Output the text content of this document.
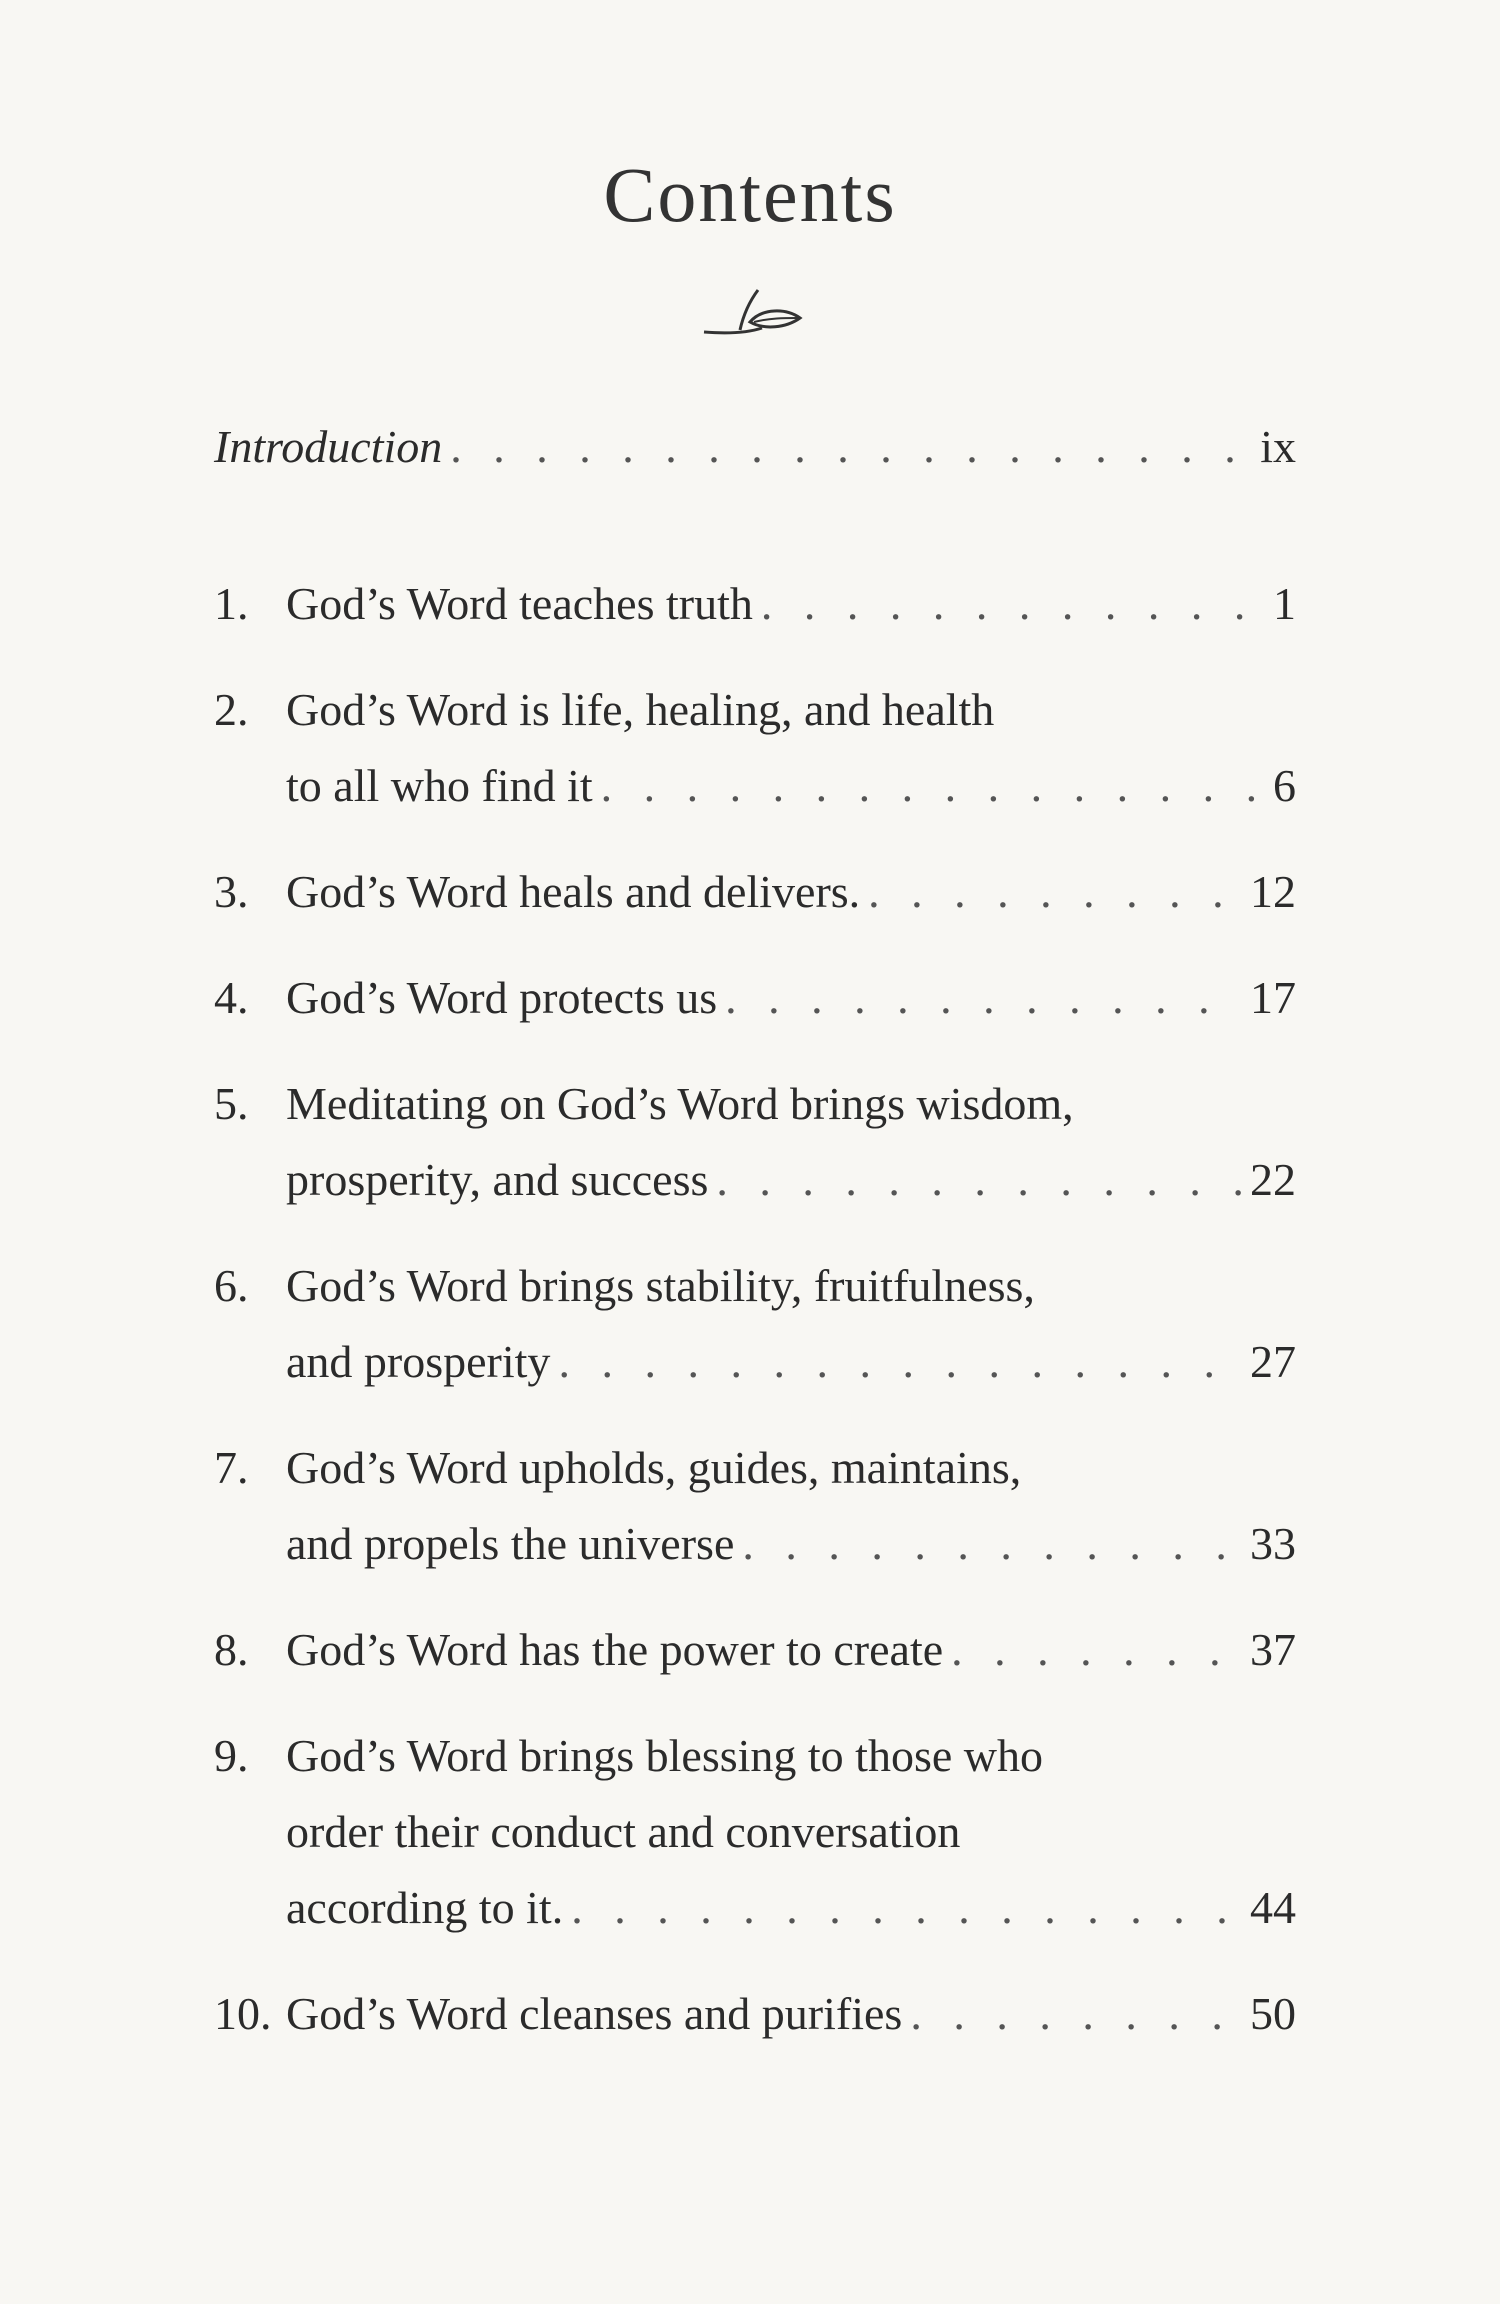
Contents
Introduction . . .	ix
1. God’s Word teaches truth . . .	1
2. God’s Word is life, healing, and health
to all who find it . . .	6
3. God’s Word heals and delivers. . . .	12
4. God’s Word protects us . . .	17
5. Meditating on God’s Word brings wisdom,
prosperity, and success . . .	22
6. God’s Word brings stability, fruitfulness,
and prosperity . . .	27
7. God’s Word upholds, guides, maintains,
and propels the universe . . .	33
8. God’s Word has the power to create . . .	37
9. God’s Word brings blessing to those who
order their conduct and conversation
according to it. . . .	44
10. God’s Word cleanses and purifies . . .	50
